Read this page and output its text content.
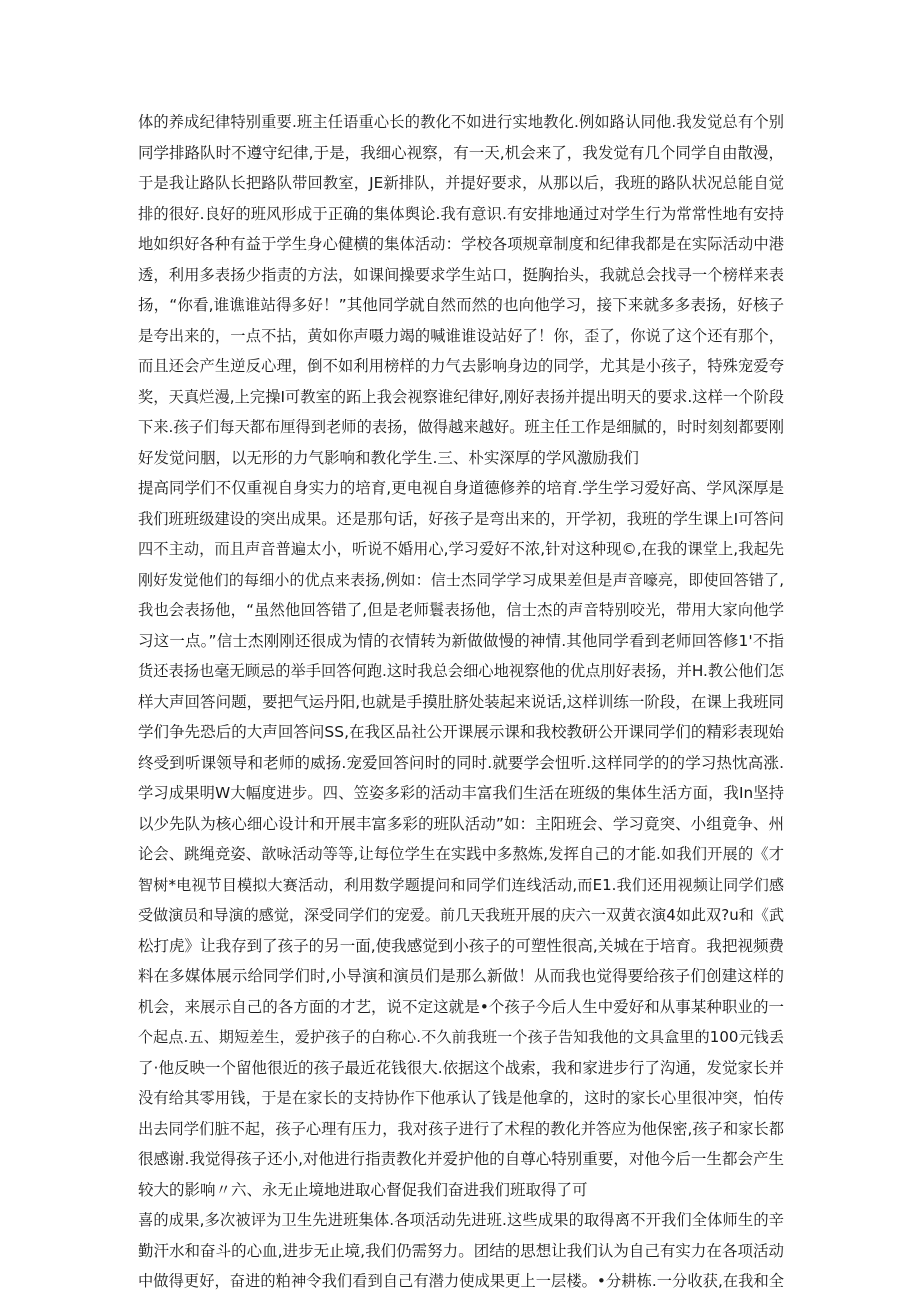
体的养成纪律特别重要.班主任语重心长的教化不如进行实地教化.例如路认同他.我发觉总有个别
同学排路队时不遵守纪律,于是，我细心视察，有一天,机会来了，我发觉有几个同学自由散漫，
于是我让路队长把路队带回教室，JE新排队，并提好要求，从那以后，我班的路队状况总能自觉
排的很好.良好的班风形成于正确的集体舆论.我有意识.有安排地通过对学生行为常常性地有安持
地如织好各种有益于学生身心健横的集体活动：学校各项规章制度和纪律我都是在实际活动中港
透，利用多表扬少指责的方法，如课间操要求学生站口，挺胸抬头，我就总会找寻一个榜样来表
扬，“你看,谁谯谁站得多好！”其他同学就自然而然的也向他学习，接下来就多多表扬，好核子
是夸出来的，一点不拈，黄如你声嗫力竭的喊谁谁设站好了！你，歪了，你说了这个还有那个，
而且还会产生逆反心理，倒不如利用榜样的力气去影响身边的同学，尤其是小孩子，特殊宠爱夸
奖，天真烂漫,上完操I可教室的跖上我会视察谁纪律好,刚好表扬并提出明天的要求.这样一个阶段
下来.孩子们每天都布厘得到老师的表扬，做得越来越好。班主任工作是细腻的，时时刻刻都要刚
好发觉问胭，以无形的力气影响和教化学生.三、朴实深厚的学风激励我们
提高同学们不仅重视自身实力的培育,更电视自身道德修养的培育.学生学习爱好高、学风深厚是
我们班班级建设的突出成果。还是那句话，好孩子是弯出来的，开学初，我班的学生课上I可答问
四不主动，而且声音普遍太小，听说不婚用心,学习爱好不浓,针对这种现©,在我的课堂上,我起先
刚好发觉他们的每细小的优点来表扬,例如：信士杰同学学习成果差但是声音嚎亮，即使回答错了,
我也会表扬他，“虽然他回答错了,但是老师鬟表扬他，信士杰的声音特别咬光，带用大家向他学
习这一点。”信士杰刚刚还很成为情的衣情转为新做做慢的神情.其他同学看到老师回答修1'不指
货还表扬也毫无顾忌的举手回答何跑.这时我总会细心地视察他的优点刖好表扬，并H.教公他们怎
样大声回答问题，要把气运丹阳,也就是手摸肚脐处装起来说话,这样训练一阶段，在课上我班同
学们争先恐后的大声回答问SS,在我区品社公开课展示课和我校教研公开课同学们的精彩表现始
终受到听课领导和老师的威扬.宠爱回答问时的同时.就要学会忸听.这样同学的的学习热忱高涨.
学习成果明W大幅度进步。四、笠姿多彩的活动丰富我们生活在班级的集体生活方面，我In坚持
以少先队为核心细心设计和开展丰富多彩的班队活动”如：主阳班会、学习竟突、小组竟争、州
论会、跳绳竞姿、歆咏活动等等,让每位学生在实践中多熬炼,发挥自己的才能.如我们开展的《才
智树*电视节目模拟大赛活动，利用数学题提问和同学们连线活动,而E1.我们还用视频让同学们感
受做演员和导演的感觉，深受同学们的宠爱。前几天我班开展的庆六一双黄衣演4如此双?u和《武
松打虎》让我存到了孩子的另一面,使我感觉到小孩子的可塑性很高,关城在于培育。我把视频费
料在多媒体展示给同学们时,小导演和演员们是那么新做！从而我也觉得要给孩子们创建这样的
机会，来展示自己的各方面的才艺，说不定这就是•个孩子今后人生中爱好和从事某种职业的一
个起点.五、期短差生，爱护孩子的白称心.不久前我班一个孩子告知我他的文具盒里的100元钱丢
了·他反映一个留他很近的孩子最近花钱很大.依据这个战索，我和家进步行了沟通，发觉家长并
没有给其零用钱，于是在家长的支持协作下他承认了钱是他拿的，这时的家长心里很冲突，怕传
出去同学们脏不起，孩子心理有压力，我对孩子进行了术程的教化并答应为他保密,孩子和家长都
很感谢.我觉得孩子还小,对他进行指责教化并爱护他的自尊心特别重要，对他今后一生都会产生
较大的影响〃六、永无止境地进取心督促我们奋进我们班取得了可
喜的成果,多次被评为卫生先进班集体.各项活动先进班.这些成果的取得离不开我们全体师生的辛
勤汗水和奋斗的心血,进步无止境,我们仍需努力。团结的思想让我们认为自己有实力在各项活动
中做得更好，奋进的粕神令我们看到自己有潜力使成果更上一层楼。•分耕栋.一分收获,在我和全
